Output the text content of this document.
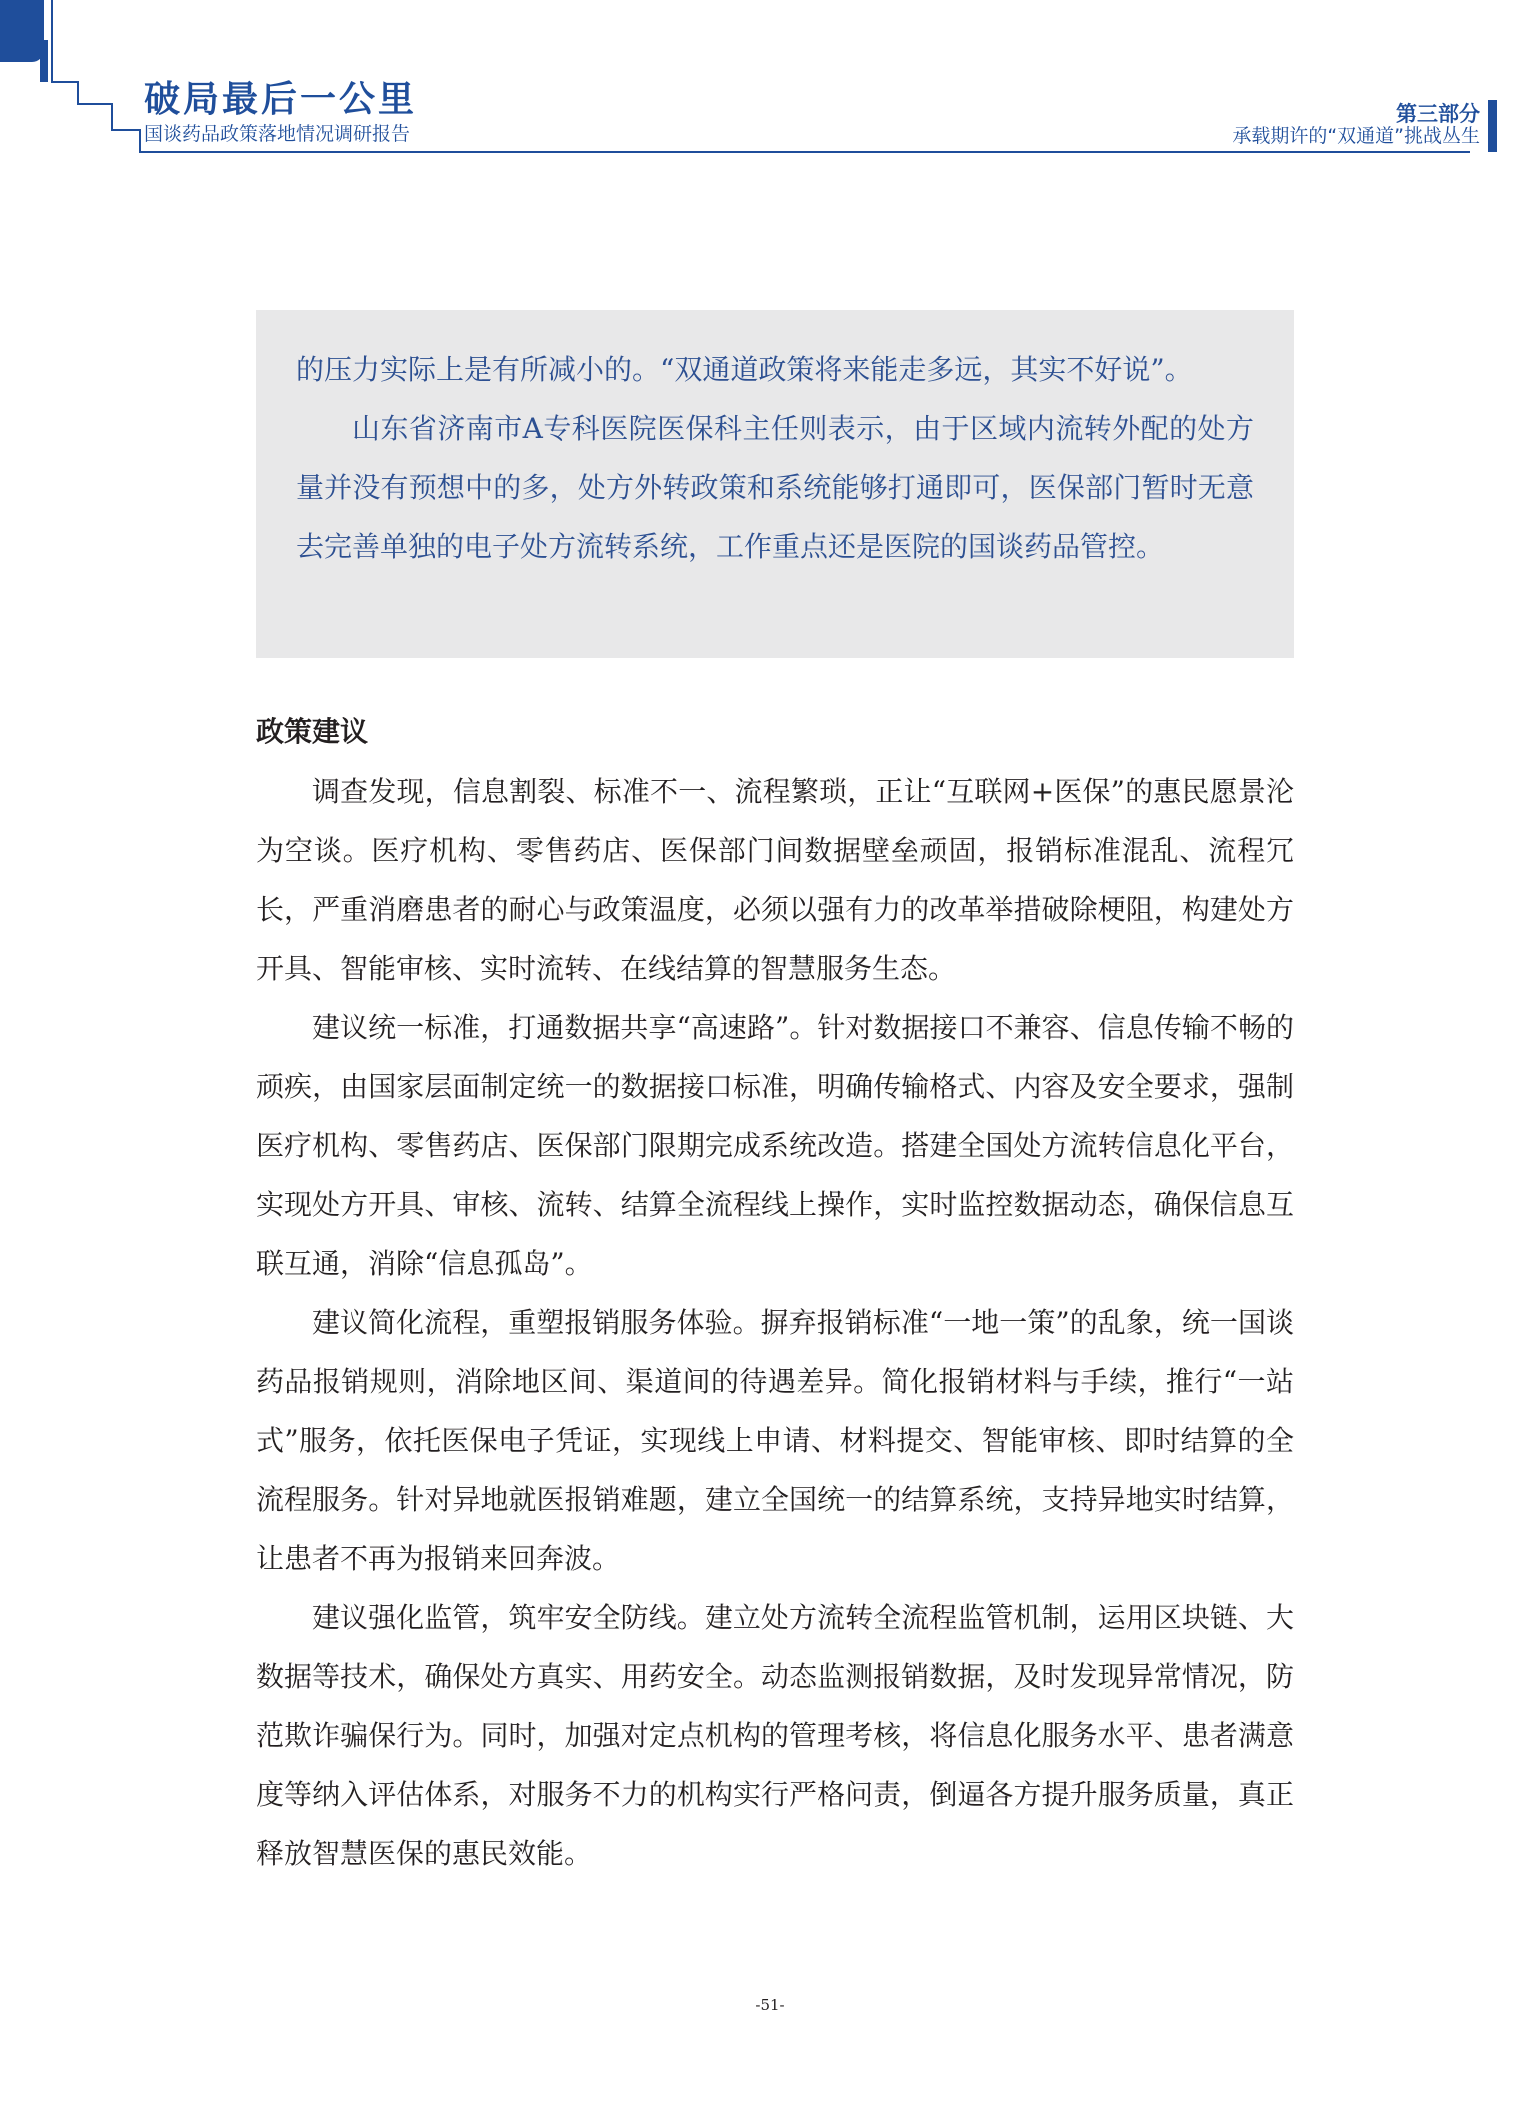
破局最后一公里
国谈药品政策落地情况调研报告
第三部分
承载期许的“双通道”挑战丛生

的压力实际上是有所减小的。“双通道政策将来能走多远，其实不好说”。

山东省济南市A专科医院医保科主任则表示，由于区域内流转外配的处方量并没有预想中的多，处方外转政策和系统能够打通即可，医保部门暂时无意去完善单独的电子处方流转系统，工作重点还是医院的国谈药品管控。

政策建议

调查发现，信息割裂、标准不一、流程繁琐，正让“互联网+医保”的惠民愿景沦为空谈。医疗机构、零售药店、医保部门间数据壁垒顽固，报销标准混乱、流程冗长，严重消磨患者的耐心与政策温度，必须以强有力的改革举措破除梗阻，构建处方开具、智能审核、实时流转、在线结算的智慧服务生态。

建议统一标准，打通数据共享“高速路”。针对数据接口不兼容、信息传输不畅的顽疾，由国家层面制定统一的数据接口标准，明确传输格式、内容及安全要求，强制医疗机构、零售药店、医保部门限期完成系统改造。搭建全国处方流转信息化平台，实现处方开具、审核、流转、结算全流程线上操作，实时监控数据动态，确保信息互联互通，消除“信息孤岛”。

建议简化流程，重塑报销服务体验。摒弃报销标准“一地一策”的乱象，统一国谈药品报销规则，消除地区间、渠道间的待遇差异。简化报销材料与手续，推行“一站式”服务，依托医保电子凭证，实现线上申请、材料提交、智能审核、即时结算的全流程服务。针对异地就医报销难题，建立全国统一的结算系统，支持异地实时结算，让患者不再为报销来回奔波。

建议强化监管，筑牢安全防线。建立处方流转全流程监管机制，运用区块链、大数据等技术，确保处方真实、用药安全。动态监测报销数据，及时发现异常情况，防范欺诈骗保行为。同时，加强对定点机构的管理考核，将信息化服务水平、患者满意度等纳入评估体系，对服务不力的机构实行严格问责，倒逼各方提升服务质量，真正释放智慧医保的惠民效能。

-51-
